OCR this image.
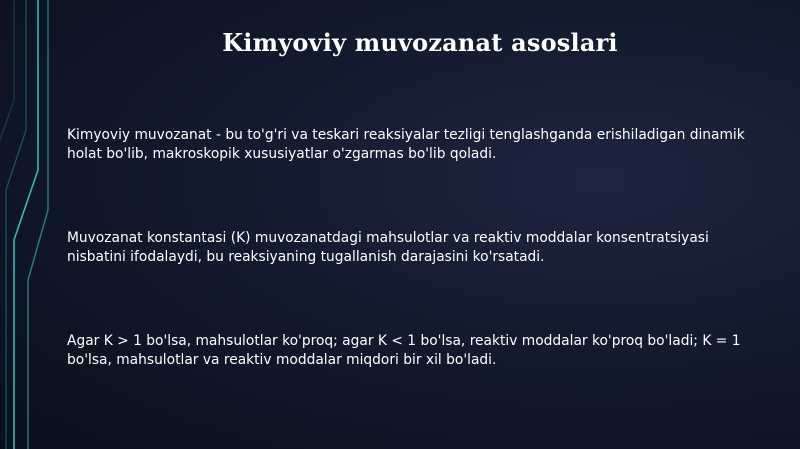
Kimyoviy muvozanat asoslari

Kimyoviy muvozanat - bu to'g'ri va teskari reaksiyalar tezligi tenglashganda erishiladigan dinamik holat bo'lib, makroskopik xususiyatlar o'zgarmas bo'lib qoladi.

Muvozanat konstantasi (K) muvozanatdagi mahsulotlar va reaktiv moddalar konsentratsiyasi nisbatini ifodalaydi, bu reaksiyaning tugallanish darajasini ko'rsatadi.

Agar K > 1 bo'lsa, mahsulotlar ko'proq; agar K < 1 bo'lsa, reaktiv moddalar ko'proq bo'ladi; K = 1 bo'lsa, mahsulotlar va reaktiv moddalar miqdori bir xil bo'ladi.
